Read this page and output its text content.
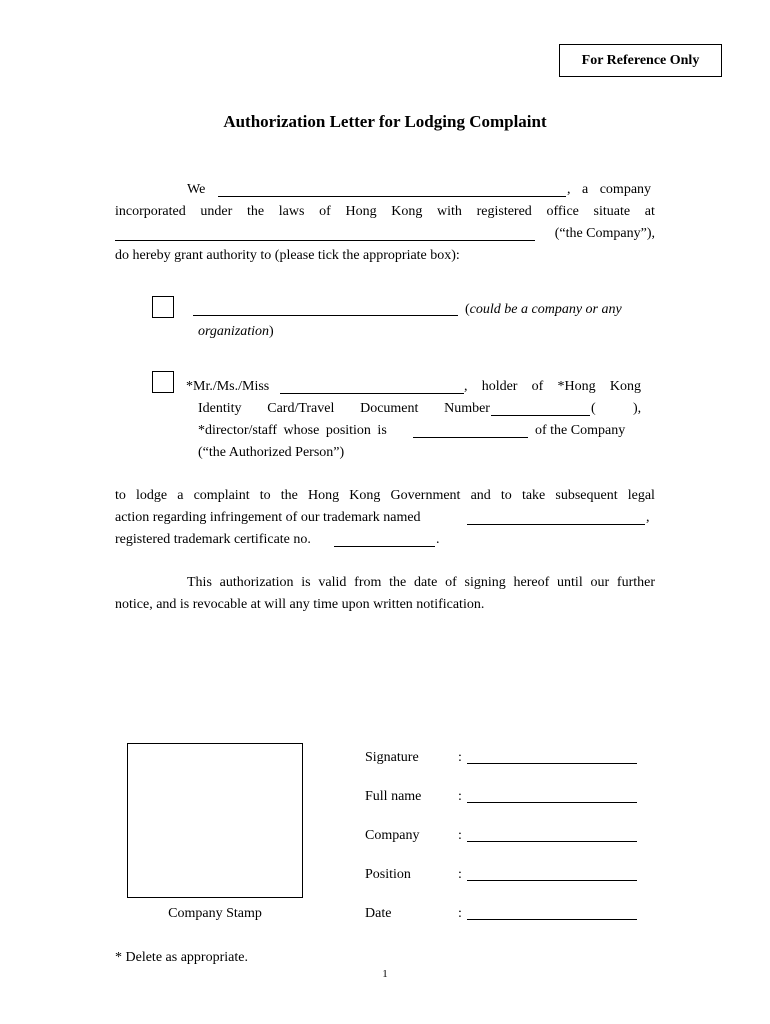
For Reference Only
Authorization Letter for Lodging Complaint
We	, a company
incorporated under the laws of Hong Kong with registered office situate at
(“the Company”),
do hereby grant authority to (please tick the appropriate box):
(could be a company or any
organization)
*Mr./Ms./Miss	, holder of *Hong Kong
Identity Card/Travel Document Number	(	),
*director/staff whose position is	of the Company
(“the Authorized Person”)
to lodge a complaint to the Hong Kong Government and to take subsequent legal
action regarding infringement of our trademark named	,
registered trademark certificate no.	.
This authorization is valid from the date of signing hereof until our further
notice, and is revocable at will any time upon written notification.
Company Stamp
Signature	:
Full name	:
Company	:
Position	:
Date	:
* Delete as appropriate.
1
